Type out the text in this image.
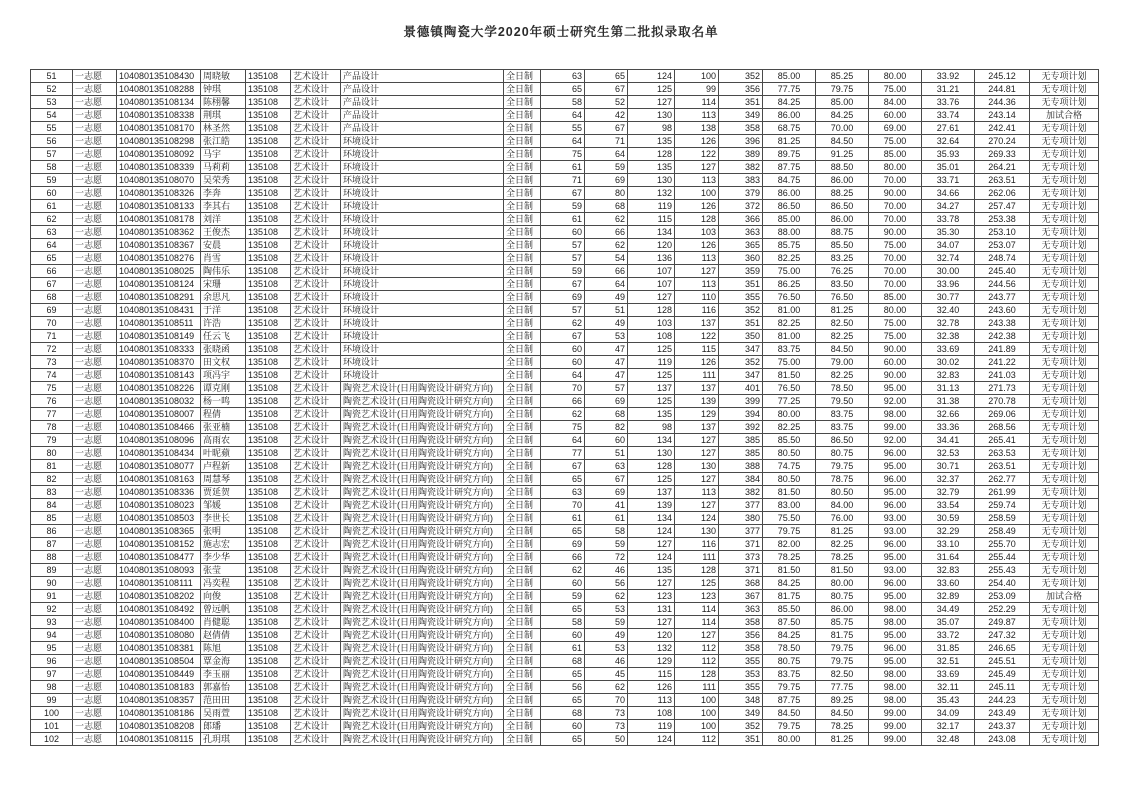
景德镇陶瓷大学2020年硕士研究生第二批拟录取名单
51	一志愿	104080135108430	周晓敏	135108	艺术设计	产品设计	全日制	63	65	124	100	352	85.00	85.25	80.00	33.92	245.12	无专项计划
52	一志愿	104080135108288	钟琪	135108	艺术设计	产品设计	全日制	65	67	125	99	356	77.75	79.75	75.00	31.21	244.81	无专项计划
53	一志愿	104080135108134	陈栩馨	135108	艺术设计	产品设计	全日制	58	52	127	114	351	84.25	85.00	84.00	33.76	244.36	无专项计划
54	一志愿	104080135108338	荆琪	135108	艺术设计	产品设计	全日制	64	42	130	113	349	86.00	84.25	60.00	33.74	243.14	加试合格
55	一志愿	104080135108170	林圣然	135108	艺术设计	产品设计	全日制	55	67	98	138	358	68.75	70.00	69.00	27.61	242.41	无专项计划
56	一志愿	104080135108298	张江皓	135108	艺术设计	环境设计	全日制	64	71	135	126	396	81.25	84.50	75.00	32.64	270.24	无专项计划
57	一志愿	104080135108092	马宇	135108	艺术设计	环境设计	全日制	75	64	128	122	389	89.75	91.25	85.00	35.93	269.33	无专项计划
58	一志愿	104080135108339	马莉莉	135108	艺术设计	环境设计	全日制	61	59	135	127	382	87.75	88.50	80.00	35.01	264.21	无专项计划
59	一志愿	104080135108070	吴荣秀	135108	艺术设计	环境设计	全日制	71	69	130	113	383	84.75	86.00	70.00	33.71	263.51	无专项计划
60	一志愿	104080135108326	李奔	135108	艺术设计	环境设计	全日制	67	80	132	100	379	86.00	88.25	90.00	34.66	262.06	无专项计划
61	一志愿	104080135108133	李其右	135108	艺术设计	环境设计	全日制	59	68	119	126	372	86.50	86.50	70.00	34.27	257.47	无专项计划
62	一志愿	104080135108178	刘洋	135108	艺术设计	环境设计	全日制	61	62	115	128	366	85.00	86.00	70.00	33.78	253.38	无专项计划
63	一志愿	104080135108362	王俊杰	135108	艺术设计	环境设计	全日制	60	66	134	103	363	88.00	88.75	90.00	35.30	253.10	无专项计划
64	一志愿	104080135108367	安晨	135108	艺术设计	环境设计	全日制	57	62	120	126	365	85.75	85.50	75.00	34.07	253.07	无专项计划
65	一志愿	104080135108276	肖雪	135108	艺术设计	环境设计	全日制	57	54	136	113	360	82.25	83.25	70.00	32.74	248.74	无专项计划
66	一志愿	104080135108025	陶伟乐	135108	艺术设计	环境设计	全日制	59	66	107	127	359	75.00	76.25	70.00	30.00	245.40	无专项计划
67	一志愿	104080135108124	宋珊	135108	艺术设计	环境设计	全日制	67	64	107	113	351	86.25	83.50	70.00	33.96	244.56	无专项计划
68	一志愿	104080135108291	余思凡	135108	艺术设计	环境设计	全日制	69	49	127	110	355	76.50	76.50	85.00	30.77	243.77	无专项计划
69	一志愿	104080135108431	于洋	135108	艺术设计	环境设计	全日制	57	51	128	116	352	81.00	81.25	80.00	32.40	243.60	无专项计划
70	一志愿	104080135108511	许浩	135108	艺术设计	环境设计	全日制	62	49	103	137	351	82.25	82.50	75.00	32.78	243.38	无专项计划
71	一志愿	104080135108149	任云飞	135108	艺术设计	环境设计	全日制	67	53	108	122	350	81.00	82.25	75.00	32.38	242.38	无专项计划
72	一志愿	104080135108333	张晓函	135108	艺术设计	环境设计	全日制	60	47	125	115	347	83.75	84.50	90.00	33.69	241.89	无专项计划
73	一志愿	104080135108370	田文权	135108	艺术设计	环境设计	全日制	60	47	119	126	352	75.00	79.00	60.00	30.02	241.22	无专项计划
74	一志愿	104080135108143	项冯宇	135108	艺术设计	环境设计	全日制	64	47	125	111	347	81.50	82.25	90.00	32.83	241.03	无专项计划
75	一志愿	104080135108226	谭克刚	135108	艺术设计	陶瓷艺术设计(日用陶瓷设计研究方向)	全日制	70	57	137	137	401	76.50	78.50	95.00	31.13	271.73	无专项计划
76	一志愿	104080135108032	杨一鸣	135108	艺术设计	陶瓷艺术设计(日用陶瓷设计研究方向)	全日制	66	69	125	139	399	77.25	79.50	92.00	31.38	270.78	无专项计划
77	一志愿	104080135108007	程倩	135108	艺术设计	陶瓷艺术设计(日用陶瓷设计研究方向)	全日制	62	68	135	129	394	80.00	83.75	98.00	32.66	269.06	无专项计划
78	一志愿	104080135108466	张亚楠	135108	艺术设计	陶瓷艺术设计(日用陶瓷设计研究方向)	全日制	75	82	98	137	392	82.25	83.75	99.00	33.36	268.56	无专项计划
79	一志愿	104080135108096	高雨农	135108	艺术设计	陶瓷艺术设计(日用陶瓷设计研究方向)	全日制	64	60	134	127	385	85.50	86.50	92.00	34.41	265.41	无专项计划
80	一志愿	104080135108434	叶昵蘋	135108	艺术设计	陶瓷艺术设计(日用陶瓷设计研究方向)	全日制	77	51	130	127	385	80.50	80.75	96.00	32.53	263.53	无专项计划
81	一志愿	104080135108077	卢程新	135108	艺术设计	陶瓷艺术设计(日用陶瓷设计研究方向)	全日制	67	63	128	130	388	74.75	79.75	95.00	30.71	263.51	无专项计划
82	一志愿	104080135108163	周慧琴	135108	艺术设计	陶瓷艺术设计(日用陶瓷设计研究方向)	全日制	65	67	125	127	384	80.50	78.75	96.00	32.37	262.77	无专项计划
83	一志愿	104080135108336	贾延贺	135108	艺术设计	陶瓷艺术设计(日用陶瓷设计研究方向)	全日制	63	69	137	113	382	81.50	80.50	95.00	32.79	261.99	无专项计划
84	一志愿	104080135108023	邹媛	135108	艺术设计	陶瓷艺术设计(日用陶瓷设计研究方向)	全日制	70	41	139	127	377	83.00	84.00	96.00	33.54	259.74	无专项计划
85	一志愿	104080135108503	李世长	135108	艺术设计	陶瓷艺术设计(日用陶瓷设计研究方向)	全日制	61	61	134	124	380	75.50	76.00	93.00	30.59	258.59	无专项计划
86	一志愿	104080135108365	张明	135108	艺术设计	陶瓷艺术设计(日用陶瓷设计研究方向)	全日制	65	58	124	130	377	79.75	81.25	93.00	32.29	258.49	无专项计划
87	一志愿	104080135108152	施志宏	135108	艺术设计	陶瓷艺术设计(日用陶瓷设计研究方向)	全日制	69	59	127	116	371	82.00	82.25	96.00	33.10	255.70	无专项计划
88	一志愿	104080135108477	李少华	135108	艺术设计	陶瓷艺术设计(日用陶瓷设计研究方向)	全日制	66	72	124	111	373	78.25	78.25	95.00	31.64	255.44	无专项计划
89	一志愿	104080135108093	张莹	135108	艺术设计	陶瓷艺术设计(日用陶瓷设计研究方向)	全日制	62	46	135	128	371	81.50	81.50	93.00	32.83	255.43	无专项计划
90	一志愿	104080135108111	冯奕程	135108	艺术设计	陶瓷艺术设计(日用陶瓷设计研究方向)	全日制	60	56	127	125	368	84.25	80.00	96.00	33.60	254.40	无专项计划
91	一志愿	104080135108202	向俊	135108	艺术设计	陶瓷艺术设计(日用陶瓷设计研究方向)	全日制	59	62	123	123	367	81.75	80.75	95.00	32.89	253.09	加试合格
92	一志愿	104080135108492	曾远帆	135108	艺术设计	陶瓷艺术设计(日用陶瓷设计研究方向)	全日制	65	53	131	114	363	85.50	86.00	98.00	34.49	252.29	无专项计划
93	一志愿	104080135108400	肖健聪	135108	艺术设计	陶瓷艺术设计(日用陶瓷设计研究方向)	全日制	58	59	127	114	358	87.50	85.75	98.00	35.07	249.87	无专项计划
94	一志愿	104080135108080	赵倩倩	135108	艺术设计	陶瓷艺术设计(日用陶瓷设计研究方向)	全日制	60	49	120	127	356	84.25	81.75	95.00	33.72	247.32	无专项计划
95	一志愿	104080135108381	陈旭	135108	艺术设计	陶瓷艺术设计(日用陶瓷设计研究方向)	全日制	61	53	132	112	358	78.50	79.75	96.00	31.85	246.65	无专项计划
96	一志愿	104080135108504	覃金海	135108	艺术设计	陶瓷艺术设计(日用陶瓷设计研究方向)	全日制	68	46	129	112	355	80.75	79.75	95.00	32.51	245.51	无专项计划
97	一志愿	104080135108449	李玉丽	135108	艺术设计	陶瓷艺术设计(日用陶瓷设计研究方向)	全日制	65	45	115	128	353	83.75	82.50	98.00	33.69	245.49	无专项计划
98	一志愿	104080135108183	郭嘉怡	135108	艺术设计	陶瓷艺术设计(日用陶瓷设计研究方向)	全日制	56	62	126	111	355	79.75	77.75	98.00	32.11	245.11	无专项计划
99	一志愿	104080135108357	范田田	135108	艺术设计	陶瓷艺术设计(日用陶瓷设计研究方向)	全日制	65	70	113	100	348	87.75	89.25	98.00	35.43	244.23	无专项计划
100	一志愿	104080135108186	吴雨萱	135108	艺术设计	陶瓷艺术设计(日用陶瓷设计研究方向)	全日制	68	73	108	100	349	84.50	84.50	99.00	34.09	243.49	无专项计划
101	一志愿	104080135108208	郎璠	135108	艺术设计	陶瓷艺术设计(日用陶瓷设计研究方向)	全日制	60	73	119	100	352	79.75	78.25	99.00	32.17	243.37	无专项计划
102	一志愿	104080135108115	孔玥琪	135108	艺术设计	陶瓷艺术设计(日用陶瓷设计研究方向)	全日制	65	50	124	112	351	80.00	81.25	99.00	32.48	243.08	无专项计划
